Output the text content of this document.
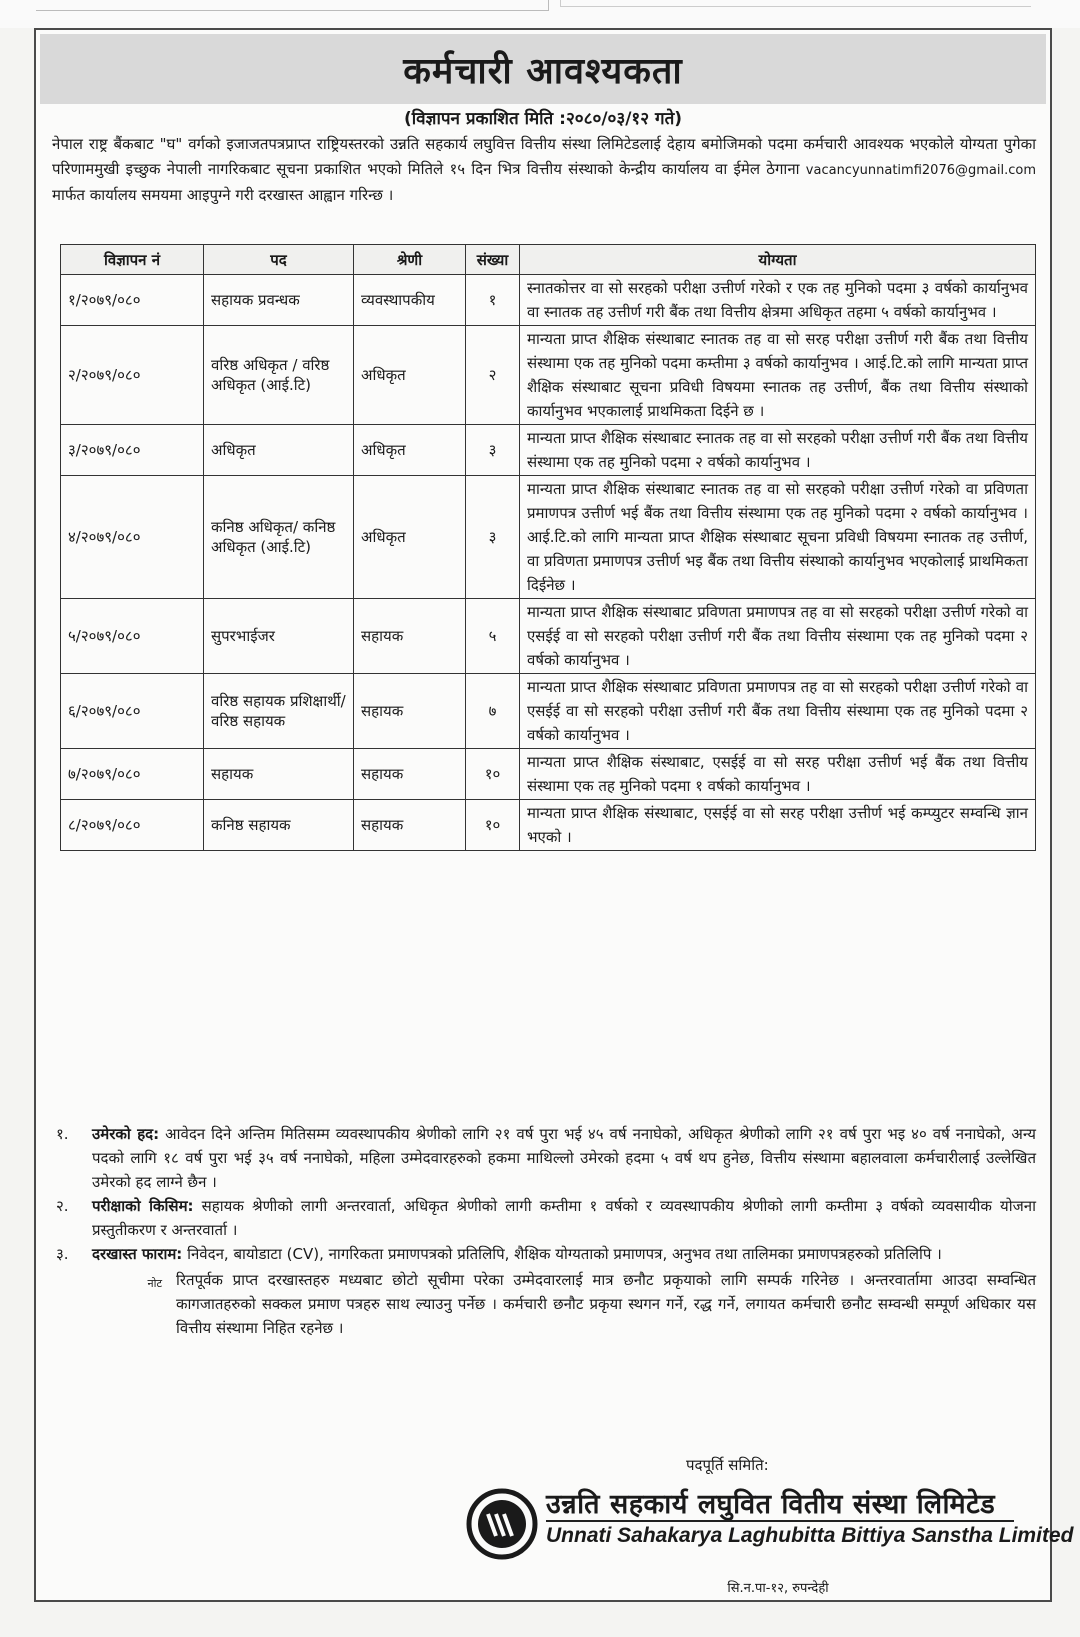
कर्मचारी आवश्यकता
(विज्ञापन प्रकाशित मिति :२०८०/०३/१२ गते)
नेपाल राष्ट्र बैंकबाट "घ" वर्गको इजाजतपत्रप्राप्त राष्ट्रियस्तरको उन्नति सहकार्य लघुवित्त वित्तीय संस्था लिमिटेडलाई देहाय बमोजिमको पदमा कर्मचारी आवश्यक भएकोले योग्यता पुगेका परिणाममुखी इच्छुक नेपाली नागरिकबाट सूचना प्रकाशित भएको मितिले १५ दिन भित्र वित्तीय संस्थाको केन्द्रीय कार्यालय वा ईमेल ठेगाना vacancyunnatimfi2076@gmail.com मार्फत कार्यालय समयमा आइपुग्ने गरी दरखास्त आह्वान गरिन्छ ।
विज्ञापन नं	पद	श्रेणी	संख्या	योग्यता
१/२०७९/०८०	सहायक प्रवन्धक	व्यवस्थापकीय	१	स्नातकोत्तर वा सो सरहको परीक्षा उत्तीर्ण गरेको र एक तह मुनिको पदमा ३ वर्षको कार्यानुभव वा स्नातक तह उत्तीर्ण गरी बैंक तथा वित्तीय क्षेत्रमा अधिकृत तहमा ५ वर्षको कार्यानुभव ।
२/२०७९/०८०	वरिष्ठ अधिकृत / वरिष्ठ अधिकृत (आई.टि)	अधिकृत	२	मान्यता प्राप्त शैक्षिक संस्थाबाट स्नातक तह वा सो सरह परीक्षा उत्तीर्ण गरी बैंक तथा वित्तीय संस्थामा एक तह मुनिको पदमा कम्तीमा ३ वर्षको कार्यानुभव । आई.टि.को लागि मान्यता प्राप्त शैक्षिक संस्थाबाट सूचना प्रविधी विषयमा स्नातक तह उत्तीर्ण, बैंक तथा वित्तीय संस्थाको कार्यानुभव भएकालाई प्राथमिकता दिईने छ ।
३/२०७९/०८०	अधिकृत	अधिकृत	३	मान्यता प्राप्त शैक्षिक संस्थाबाट स्नातक तह वा सो सरहको परीक्षा उत्तीर्ण गरी बैंक तथा वित्तीय संस्थामा एक तह मुनिको पदमा २ वर्षको कार्यानुभव ।
४/२०७९/०८०	कनिष्ठ अधिकृत/ कनिष्ठ अधिकृत (आई.टि)	अधिकृत	३	मान्यता प्राप्त शैक्षिक संस्थाबाट स्नातक तह वा सो सरहको परीक्षा उत्तीर्ण गरेको वा प्रविणता प्रमाणपत्र उत्तीर्ण भई बैंक तथा वित्तीय संस्थामा एक तह मुनिको पदमा २ वर्षको कार्यानुभव । आई.टि.को लागि मान्यता प्राप्त शैक्षिक संस्थाबाट सूचना प्रविधी विषयमा स्नातक तह उत्तीर्ण, वा प्रविणता प्रमाणपत्र उत्तीर्ण भइ बैंक तथा वित्तीय संस्थाको कार्यानुभव भएकोलाई प्राथमिकता दिईनेछ ।
५/२०७९/०८०	सुपरभाईजर	सहायक	५	मान्यता प्राप्त शैक्षिक संस्थाबाट प्रविणता प्रमाणपत्र तह वा सो सरहको परीक्षा उत्तीर्ण गरेको वा एसईई वा सो सरहको परीक्षा उत्तीर्ण गरी बैंक तथा वित्तीय संस्थामा एक तह मुनिको पदमा २ वर्षको कार्यानुभव ।
६/२०७९/०८०	वरिष्ठ सहायक प्रशिक्षार्थी/वरिष्ठ सहायक	सहायक	७	मान्यता प्राप्त शैक्षिक संस्थाबाट प्रविणता प्रमाणपत्र तह वा सो सरहको परीक्षा उत्तीर्ण गरेको वा एसईई वा सो सरहको परीक्षा उत्तीर्ण गरी बैंक तथा वित्तीय संस्थामा एक तह मुनिको पदमा २ वर्षको कार्यानुभव ।
७/२०७९/०८०	सहायक	सहायक	१०	मान्यता प्राप्त शैक्षिक संस्थाबाट, एसईई वा सो सरह परीक्षा उत्तीर्ण भई बैंक तथा वित्तीय संस्थामा एक तह मुनिको पदमा १ वर्षको कार्यानुभव ।
८/२०७९/०८०	कनिष्ठ सहायक	सहायक	१०	मान्यता प्राप्त शैक्षिक संस्थाबाट, एसईई वा सो सरह परीक्षा उत्तीर्ण भई कम्प्युटर सम्वन्धि ज्ञान भएको ।
१.	उमेरको हद: आवेदन दिने अन्तिम मितिसम्म व्यवस्थापकीय श्रेणीको लागि २१ वर्ष पुरा भई ४५ वर्ष ननाघेको, अधिकृत श्रेणीको लागि २१ वर्ष पुरा भइ ४० वर्ष ननाघेको, अन्य पदको लागि १८ वर्ष पुरा भई ३५ वर्ष ननाघेको, महिला उम्मेदवारहरुको हकमा माथिल्लो उमेरको हदमा ५ वर्ष थप हुनेछ, वित्तीय संस्थामा बहालवाला कर्मचारीलाई उल्लेखित उमेरको हद लाग्ने छैन ।
२.	परीक्षाको किसिम: सहायक श्रेणीको लागी अन्तरवार्ता, अधिकृत श्रेणीको लागी कम्तीमा १ वर्षको र व्यवस्थापकीय श्रेणीको लागी कम्तीमा ३ वर्षको व्यवसायीक योजना प्रस्तुतीकरण र अन्तरवार्ता ।
३.	दरखास्त फाराम: निवेदन, बायोडाटा (CV), नागरिकता प्रमाणपत्रको प्रतिलिपि, शैक्षिक योग्यताको प्रमाणपत्र, अनुभव तथा तालिमका प्रमाणपत्रहरुको प्रतिलिपि ।
नोट रितपूर्वक प्राप्त दरखास्तहरु मध्यबाट छोटो सूचीमा परेका उम्मेदवारलाई मात्र छनौट प्रकृयाको लागि सम्पर्क गरिनेछ । अन्तरवार्तामा आउदा सम्वन्धित कागजातहरुको सक्कल प्रमाण पत्रहरु साथ ल्याउनु पर्नेछ । कर्मचारी छनौट प्रकृया स्थगन गर्ने, रद्ध गर्ने, लगायत कर्मचारी छनौट सम्वन्धी सम्पूर्ण अधिकार यस वित्तीय संस्थामा निहित रहनेछ ।
पदपूर्ति समिति:
उन्नति सहकार्य लघुवित वितीय संस्था लिमिटेड
Unnati Sahakarya Laghubitta Bittiya Sanstha Limited
सि.न.पा-१२, रुपन्देही
